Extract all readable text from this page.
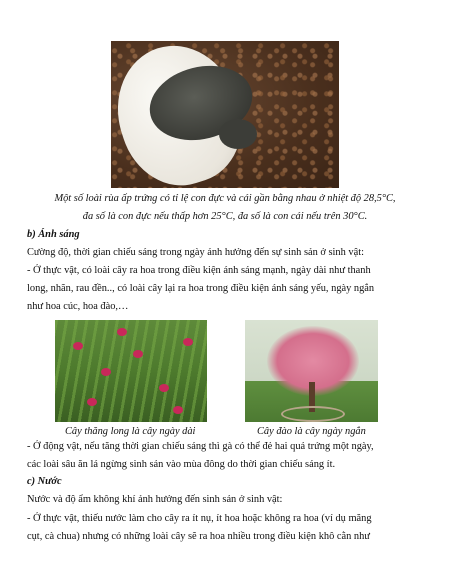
Một số loài rùa ấp trứng có tỉ lệ con đực và cái gần bằng nhau ở nhiệt độ 28,5°C,
đa số là con đực nếu thấp hơn 25°C, đa số là con cái nếu trên 30°C.
b) Ánh sáng
Cường độ, thời gian chiếu sáng trong ngày ảnh hưởng đến sự sinh sản ở sinh vật:
- Ở thực vật, có loài cây ra hoa trong điều kiện ánh sáng mạnh, ngày dài như thanh
long, nhãn, rau đền.., có loài cây lại ra hoa trong điều kiện ánh sáng yếu, ngày ngắn
như hoa cúc, hoa đào,…
Cây thăng long là cây ngày dài	Cây đào là cây ngày ngắn
- Ở động vật, nếu tăng thời gian chiếu sáng thì gà có thể đẻ hai quả trứng một ngày,
các loài sâu ăn lá ngừng sinh sản vào mùa đông do thời gian chiếu sáng ít.
c) Nước
Nước và độ ẩm không khí ảnh hưởng đến sinh sản ở sinh vật:
- Ở thực vật, thiếu nước làm cho cây ra ít nụ, ít hoa hoặc không ra hoa (ví dụ măng
cụt, cà chua) nhưng có những loài cây sẽ ra hoa nhiều trong điều kiện khô cằn như
